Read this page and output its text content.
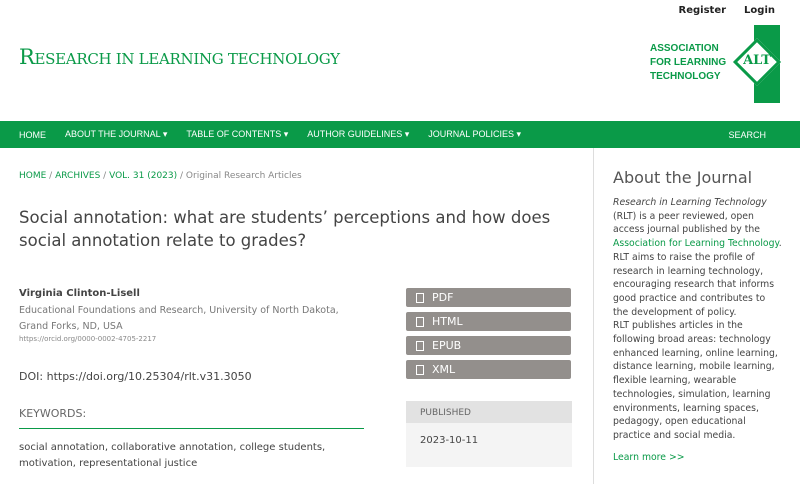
Register Login
RESEARCH IN LEARNING TECHNOLOGY
ASSOCIATION
FOR LEARNING
TECHNOLOGY
ALT
HOME ABOUT THE JOURNAL ▾ TABLE OF CONTENTS ▾ AUTHOR GUIDELINES ▾ JOURNAL POLICIES ▾	SEARCH
HOME / ARCHIVES / VOL. 31 (2023) / Original Research Articles
Social annotation: what are students’ perceptions and how does social annotation relate to grades?
Virginia Clinton-Lisell
Educational Foundations and Research, University of North Dakota, Grand Forks, ND, USA
https://orcid.org/0000-0002-4705-2217
DOI: https://doi.org/10.25304/rlt.v31.3050
KEYWORDS:
social annotation, collaborative annotation, college students, motivation, representational justice
PDF
HTML
EPUB
XML
PUBLISHED
2023-10-11
About the Journal

Research in Learning Technology (RLT) is a peer reviewed, open access journal published by the Association for Learning Technology. RLT aims to raise the profile of research in learning technology, encouraging research that informs good practice and contributes to the development of policy.

RLT publishes articles in the following broad areas: technology enhanced learning, online learning, distance learning, mobile learning, flexible learning, wearable technologies, simulation, learning environments, learning spaces, pedagogy, open educational practice and social media.

Learn more >>
